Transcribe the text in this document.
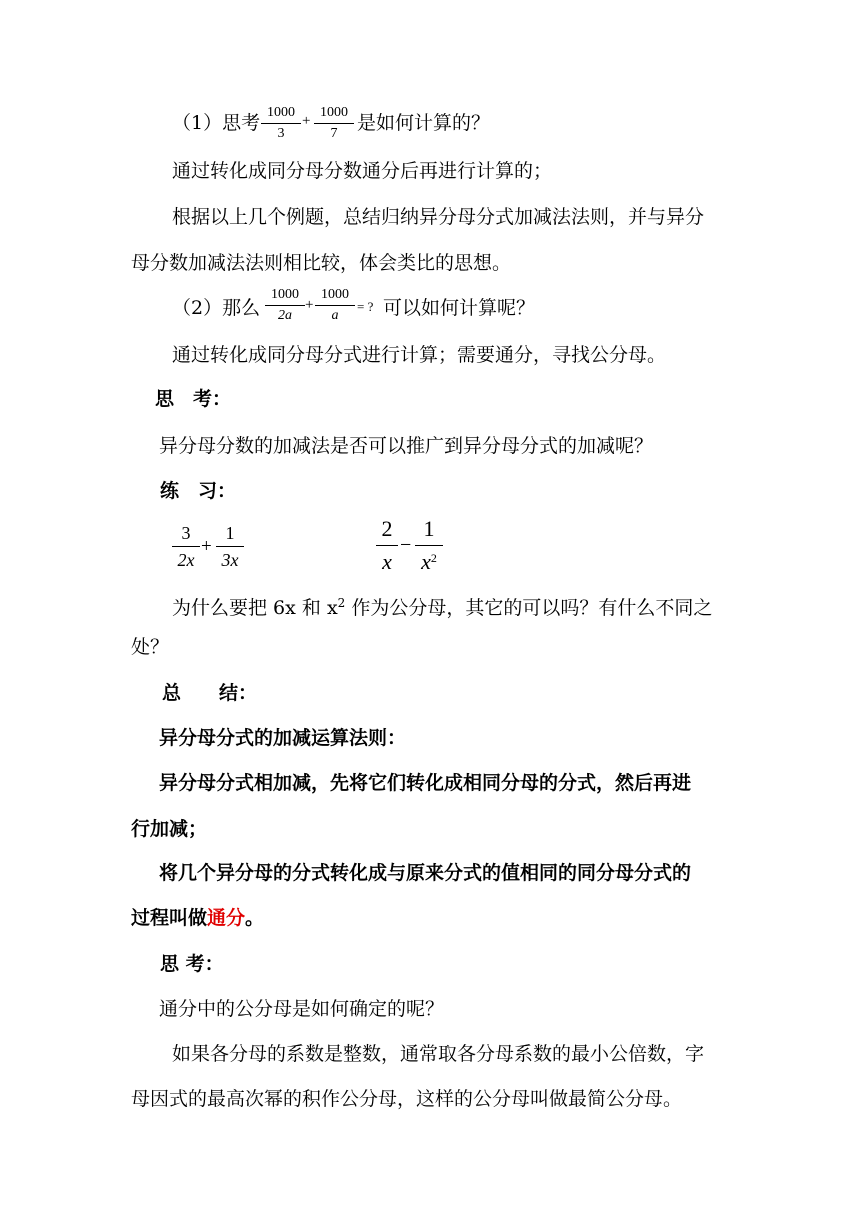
（1）思考 1000
3
+
1000
7	是如何计算的？
通过转化成同分母分数通分后再进行计算的；
根据以上几个例题，总结归纳异分母分式加减法法则，并与异分
母分数加减法法则相比较，体会类比的思想。
（2）那么
1000
2a
+
1000
a
= ? 可以如何计算呢？
通过转化成同分母分式进行计算；需要通分，寻找公分母。
思　考：
异分母分数的加减法是否可以推广到异分母分式的加减呢？
练　习：
3
2x
+
1
3x
2
x
−
1
$x^2$
为什么要把 6x 和 $x^2$ 作为公分母，其它的可以吗？有什么不同之
处？
总　　结：
异分母分式的加减运算法则：
异分母分式相加减，先将它们转化成相同分母的分式，然后再进
行加减；
将几个异分母的分式转化成与原来分式的值相同的同分母分式的
过程叫做通分。
思 考：
通分中的公分母是如何确定的呢？
如果各分母的系数是整数，通常取各分母系数的最小公倍数，字
母因式的最高次幂的积作公分母，这样的公分母叫做最简公分母。
